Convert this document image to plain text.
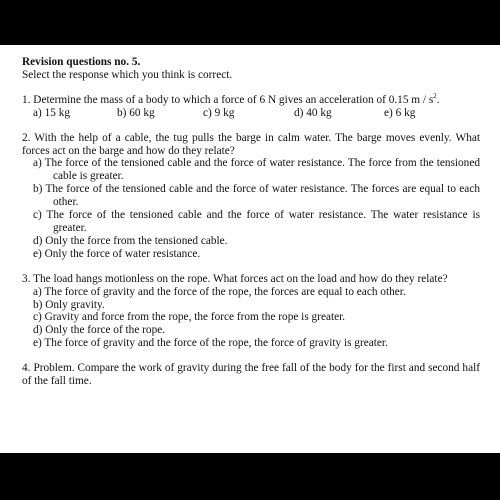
Revision questions no. 5.
Select the response which you think is correct.
1. Determine the mass of a body to which a force of 6 N gives an acceleration of 0.15 m / $s^2$.
a) 15 kg	b) 60 kg	c) 9 kg	d) 40 kg	e) 6 kg
2. With the help of a cable, the tug pulls the barge in calm water. The barge moves evenly. What forces act on the barge and how do they relate?
a) The force of the tensioned cable and the force of water resistance. The force from the tensioned cable is greater.
b) The force of the tensioned cable and the force of water resistance. The forces are equal to each other.
c) The force of the tensioned cable and the force of water resistance. The water resistance is greater.
d) Only the force from the tensioned cable.
e) Only the force of water resistance.
3. The load hangs motionless on the rope. What forces act on the load and how do they relate?
a) The force of gravity and the force of the rope, the forces are equal to each other.
b) Only gravity.
c) Gravity and force from the rope, the force from the rope is greater.
d) Only the force of the rope.
e) The force of gravity and the force of the rope, the force of gravity is greater.
4. Problem. Compare the work of gravity during the free fall of the body for the first and second half of the fall time.
